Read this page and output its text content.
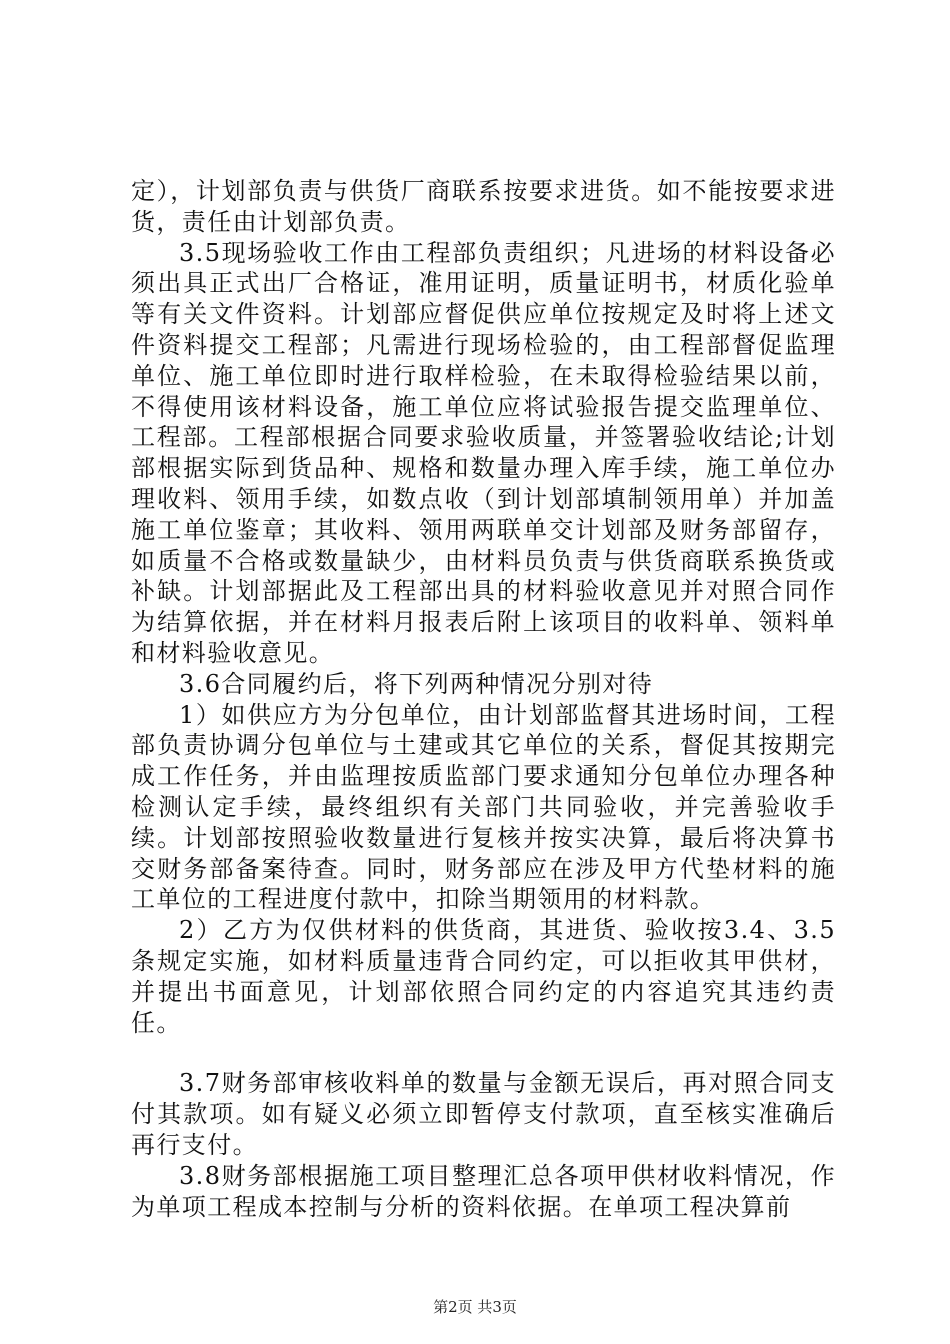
定），计划部负责与供货厂商联系按要求进货。如不能按要求进货，责任由计划部负责。

3.5现场验收工作由工程部负责组织；凡进场的材料设备必须出具正式出厂合格证，准用证明，质量证明书，材质化验单等有关文件资料。计划部应督促供应单位按规定及时将上述文件资料提交工程部；凡需进行现场检验的，由工程部督促监理单位、施工单位即时进行取样检验，在未取得检验结果以前，不得使用该材料设备，施工单位应将试验报告提交监理单位、工程部。工程部根据合同要求验收质量，并签署验收结论;计划部根据实际到货品种、规格和数量办理入库手续，施工单位办理收料、领用手续，如数点收（到计划部填制领用单）并加盖施工单位鉴章；其收料、领用两联单交计划部及财务部留存，如质量不合格或数量缺少，由材料员负责与供货商联系换货或补缺。计划部据此及工程部出具的材料验收意见并对照合同作为结算依据，并在材料月报表后附上该项目的收料单、领料单和材料验收意见。

3.6合同履约后，将下列两种情况分别对待

1）如供应方为分包单位，由计划部监督其进场时间，工程部负责协调分包单位与土建或其它单位的关系，督促其按期完成工作任务，并由监理按质监部门要求通知分包单位办理各种检测认定手续，最终组织有关部门共同验收，并完善验收手续。计划部按照验收数量进行复核并按实决算，最后将决算书交财务部备案待查。同时，财务部应在涉及甲方代垫材料的施工单位的工程进度付款中，扣除当期领用的材料款。

2）乙方为仅供材料的供货商，其进货、验收按3.4、3.5条规定实施，如材料质量违背合同约定，可以拒收其甲供材，并提出书面意见，计划部依照合同约定的内容追究其违约责任。

3.7财务部审核收料单的数量与金额无误后，再对照合同支付其款项。如有疑义必须立即暂停支付款项，直至核实准确后再行支付。

3.8财务部根据施工项目整理汇总各项甲供材收料情况，作为单项工程成本控制与分析的资料依据。在单项工程决算前

第2页 共3页
